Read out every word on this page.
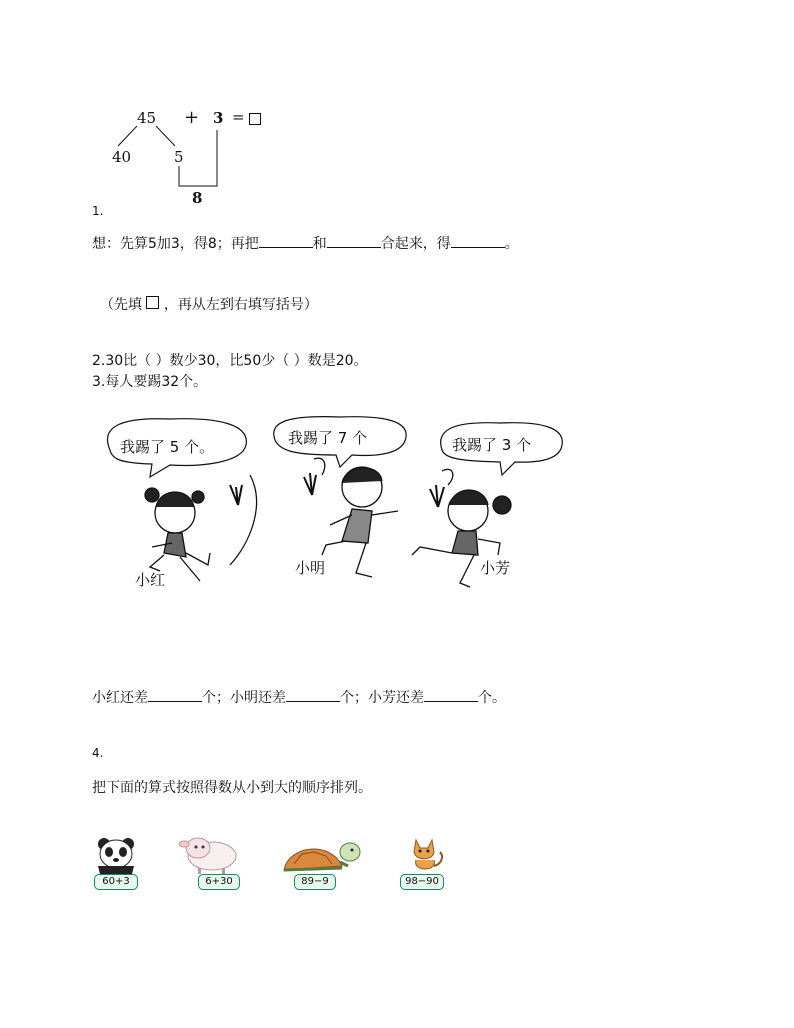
45 + 3 =
40	5
8
1.
想：先算5加3，得8；再把	和	合起来，得	。
（先填 ，再从左到右填写括号）
2.30比（ ）数少30，比50少（ ）数是20。
3.每人要踢32个。
我踢了 5 个。	我踢了 7 个	我踢了 3 个
小红
小明	小芳
小红还差	个；小明还差	个；小芳还差	个。
4.
把下面的算式按照得数从小到大的顺序排列。
60+3	6+30	89−9	98−90
